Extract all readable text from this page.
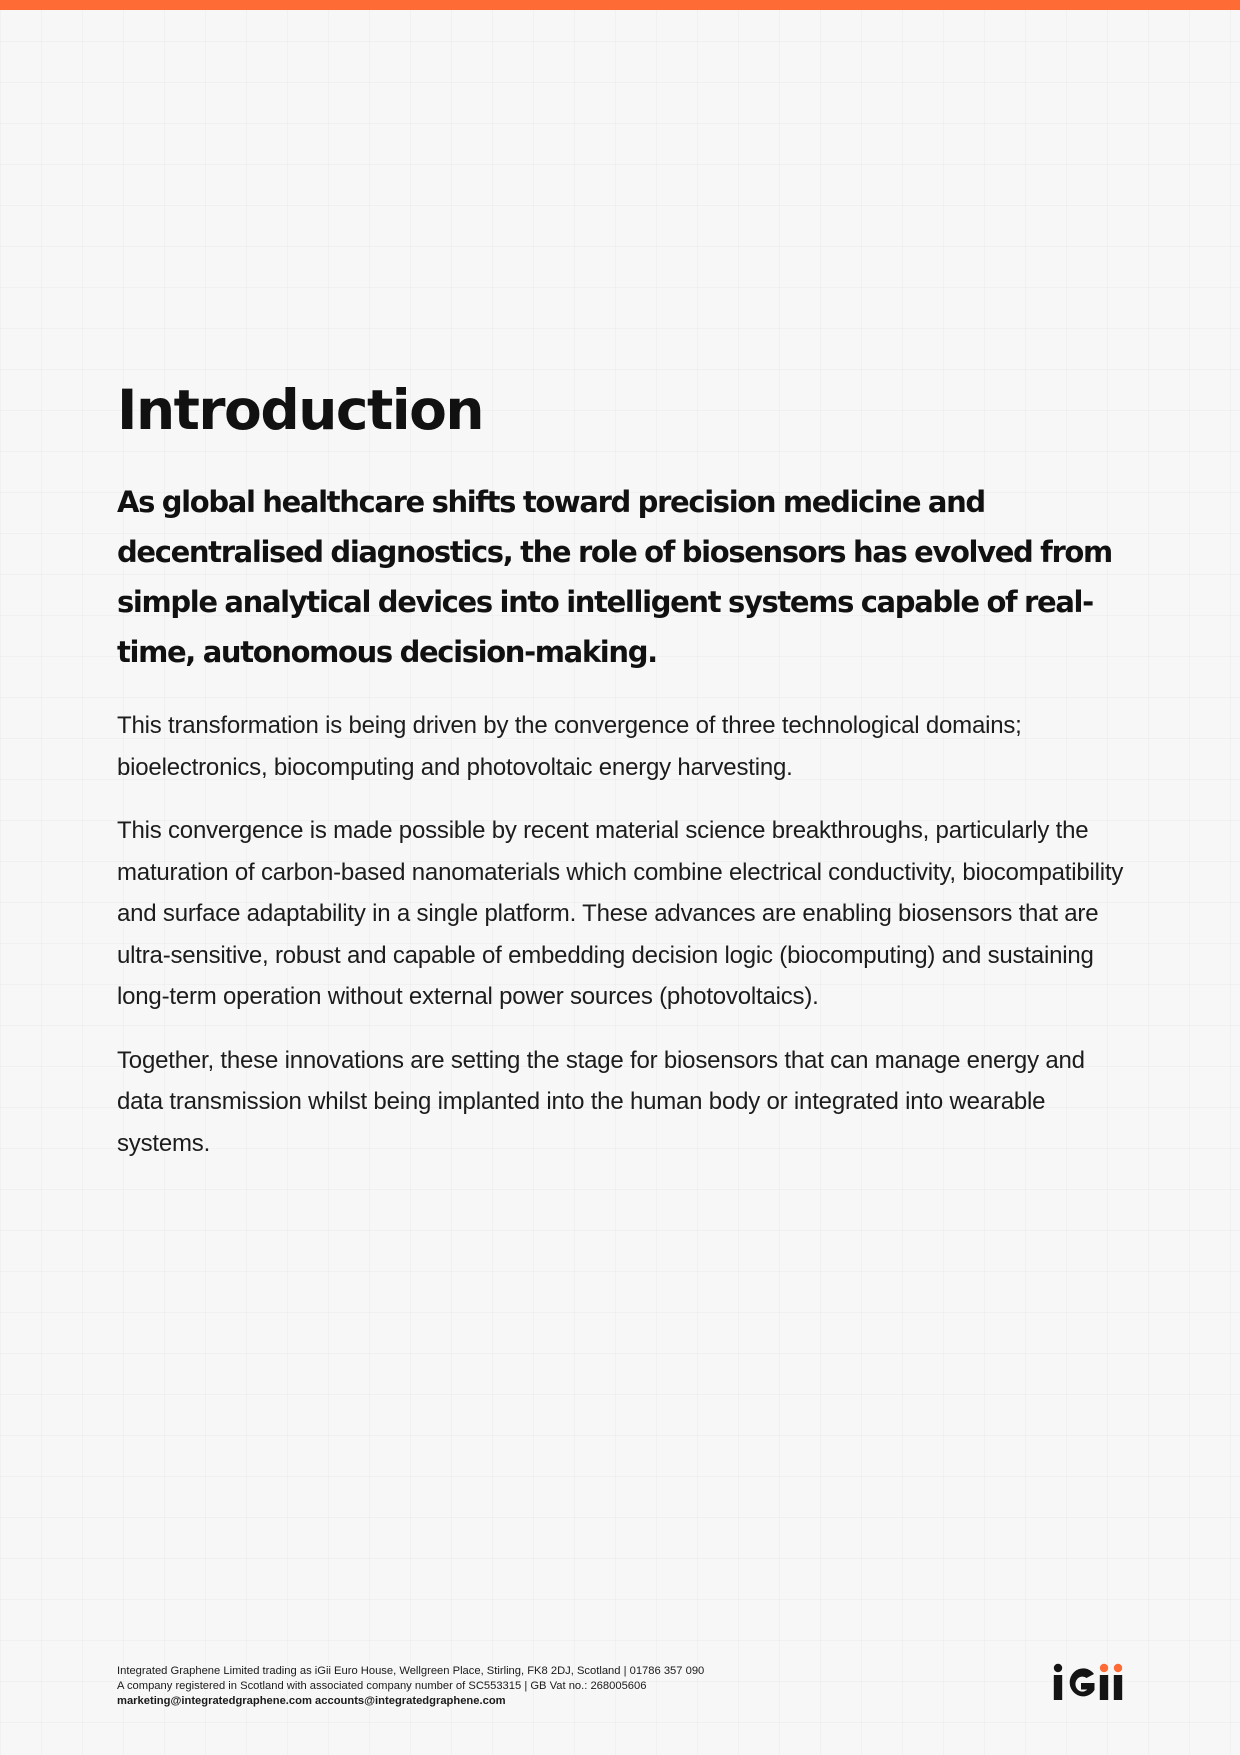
Introduction

As global healthcare shifts toward precision medicine and decentralised diagnostics, the role of biosensors has evolved from simple analytical devices into intelligent systems capable of real-time, autonomous decision-making.

This transformation is being driven by the convergence of three technological domains; bioelectronics, biocomputing and photovoltaic energy harvesting.

This convergence is made possible by recent material science breakthroughs, particularly the maturation of carbon-based nanomaterials which combine electrical conductivity, biocompatibility and surface adaptability in a single platform. These advances are enabling biosensors that are ultra-sensitive, robust and capable of embedding decision logic (biocomputing) and sustaining long-term operation without external power sources (photovoltaics).

Together, these innovations are setting the stage for biosensors that can manage energy and data transmission whilst being implanted into the human body or integrated into wearable systems.

Integrated Graphene Limited trading as iGii Euro House, Wellgreen Place, Stirling, FK8 2DJ, Scotland | 01786 357 090
A company registered in Scotland with associated company number of SC553315 | GB Vat no.: 268005606
marketing@integratedgraphene.com accounts@integratedgraphene.com
